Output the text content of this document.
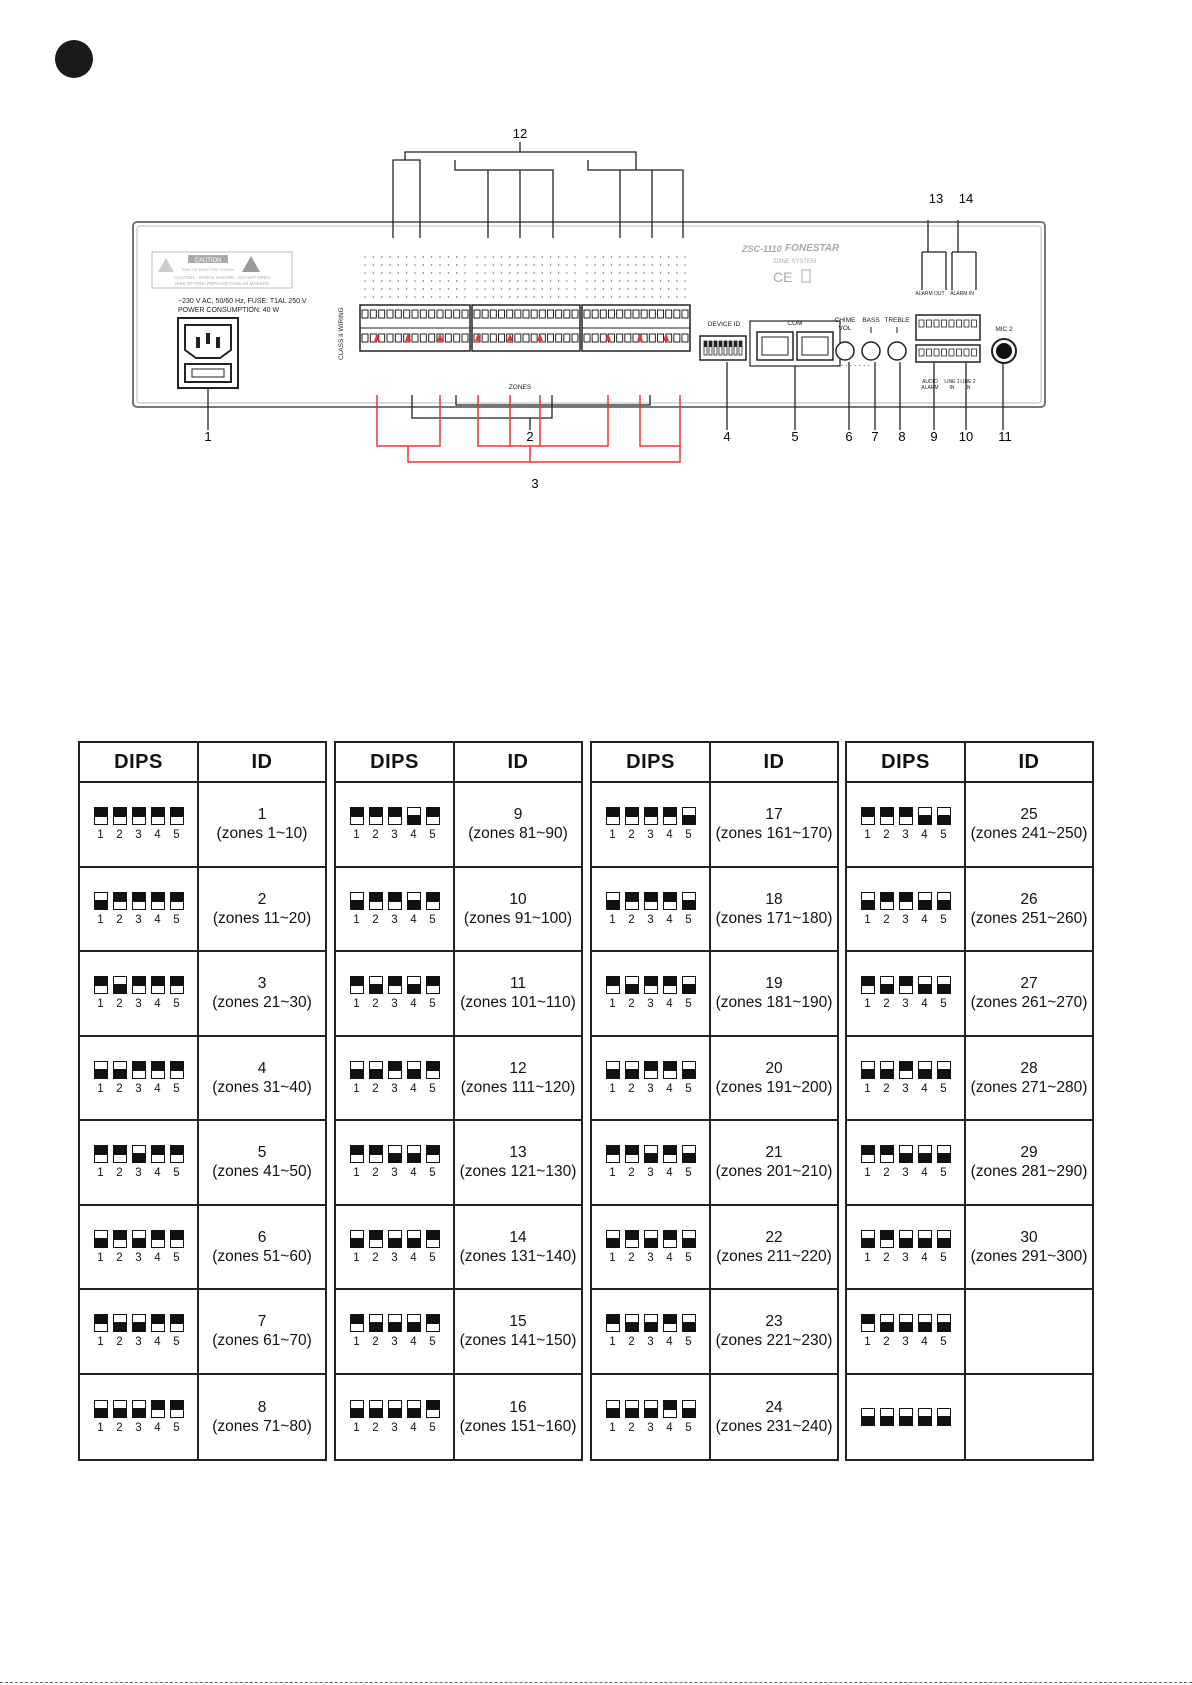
CAUTION
RISK OF ELECTRIC SHOCK
CAUTION - SHOCK HAZARD - DO NOT OPEN
RISK OF FIRE: REPLACE FUSE AS MARKED
~230 V AC, 50/60 Hz, FUSE: T1AL 250 V
POWER CONSUMPTION: 40 W	CLASS II WIRING
ZONES
ZSC-1110 FONESTAR
ZONE SYSTEM
CE
DEVICE ID	COM	CHIME
VOL
BASS TREBLE
. . . . . . . . .
ALARM OUT ALARM IN
AUDIO
ALARM
LINE 1
IN
LINE 2
IN
MIC 2
1	2
3
4	5	6 7 8 9 10 11
12
13 14
DIPS	ID
1	2	3	4	5
1
(zones 1~10)
1	2	3	4	5
2
(zones 11~20)
1	2	3	4	5
3
(zones 21~30)
1	2	3	4	5
4
(zones 31~40)
1	2	3	4	5
5
(zones 41~50)
1	2	3	4	5
6
(zones 51~60)
1	2	3	4	5
7
(zones 61~70)
1	2	3	4	5
8
(zones 71~80)
DIPS	ID
1	2	3	4	5
9
(zones 81~90)
1	2	3	4	5
10
(zones 91~100)
1	2	3	4	5
11
(zones 101~110)
1	2	3	4	5
12
(zones 111~120)
1	2	3	4	5
13
(zones 121~130)
1	2	3	4	5
14
(zones 131~140)
1	2	3	4	5
15
(zones 141~150)
1	2	3	4	5
16
(zones 151~160)
DIPS	ID
1	2	3	4	5
17
(zones 161~170)
1	2	3	4	5
18
(zones 171~180)
1	2	3	4	5
19
(zones 181~190)
1	2	3	4	5
20
(zones 191~200)
1	2	3	4	5
21
(zones 201~210)
1	2	3	4	5
22
(zones 211~220)
1	2	3	4	5
23
(zones 221~230)
1	2	3	4	5
24
(zones 231~240)
DIPS	ID
1	2	3	4	5
25
(zones 241~250)
1	2	3	4	5
26
(zones 251~260)
1	2	3	4	5
27
(zones 261~270)
1	2	3	4	5
28
(zones 271~280)
1	2	3	4	5
29
(zones 281~290)
1	2	3	4	5
30
(zones 291~300)
1	2	3	4	5
